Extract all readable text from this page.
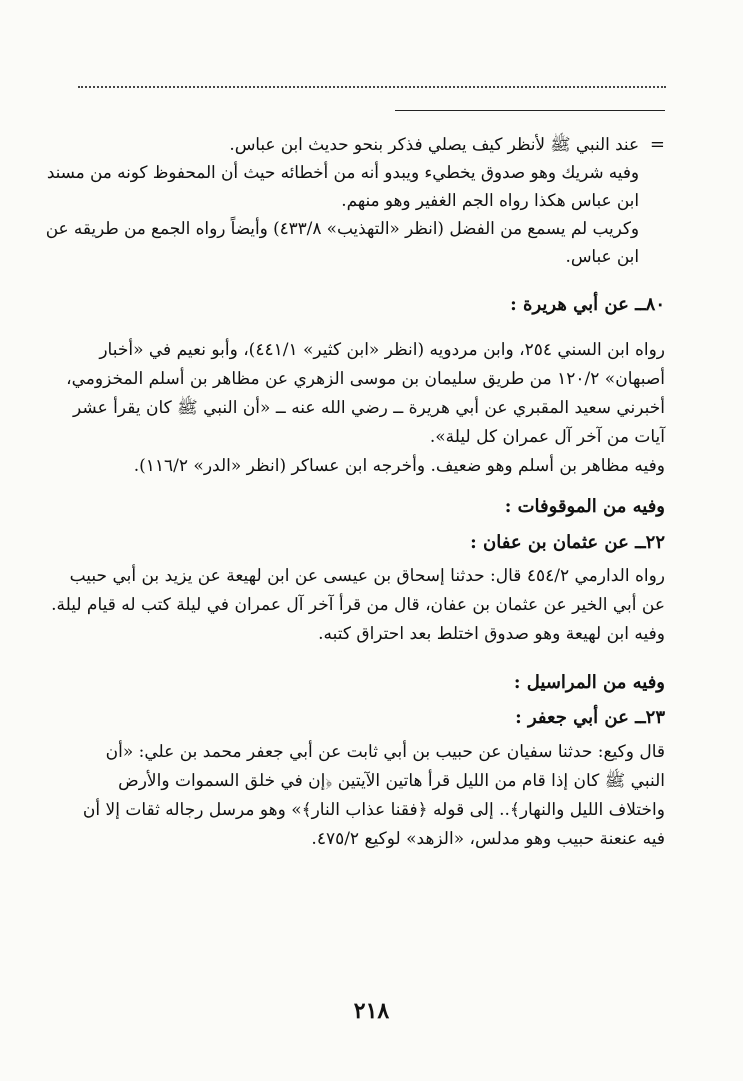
=
عند النبي ﷺ لأنظر كيف يصلي فذكر بنحو حديث ابن عباس.
وفيه شريك وهو صدوق يخطيء ويبدو أنه من أخطائه حيث أن المحفوظ كونه من مسند
ابن عباس هكذا رواه الجم الغفير وهو منهم.
وكريب لم يسمع من الفضل (انظر «التهذيب» ٤٣٣/٨) وأيضاً رواه الجمع من طريقه عن
ابن عباس.
٨٠ــ عن أبي هريرة :
رواه ابن السني ٢٥٤، وابن مردويه (انظر «ابن كثير» ٤٤١/١)، وأبو نعيم في «أخبار
أصبهان» ١٢٠/٢ من طريق سليمان بن موسى الزهري عن مظاهر بن أسلم المخزومي،
أخبرني سعيد المقبري عن أبي هريرة ــ رضي الله عنه ــ «أن النبي ﷺ كان يقرأ عشر
آيات من آخر آل عمران كل ليلة».
وفيه مظاهر بن أسلم وهو ضعيف. وأخرجه ابن عساكر (انظر «الدر» ١١٦/٢).
وفيه من الموقوفات :
٢٢ــ عن عثمان بن عفان :
رواه الدارمي ٤٥٤/٢ قال: حدثنا إسحاق بن عيسى عن ابن لهيعة عن يزيد بن أبي حبيب
عن أبي الخير عن عثمان بن عفان، قال من قرأ آخر آل عمران في ليلة كتب له قيام ليلة.
وفيه ابن لهيعة وهو صدوق اختلط بعد احتراق كتبه.
وفيه من المراسيل :
٢٣ــ عن أبي جعفر :
قال وكيع: حدثنا سفيان عن حبيب بن أبي ثابت عن أبي جعفر محمد بن علي: «أن
النبي ﷺ كان إذا قام من الليل قرأ هاتين الآيتين ﴿إن في خلق السموات والأرض
واختلاف الليل والنهار﴾.. إلى قوله ﴿فقنا عذاب النار﴾» وهو مرسل رجاله ثقات إلا أن
فيه عنعنة حبيب وهو مدلس، «الزهد» لوكيع ٤٧٥/٢.
٢١٨
